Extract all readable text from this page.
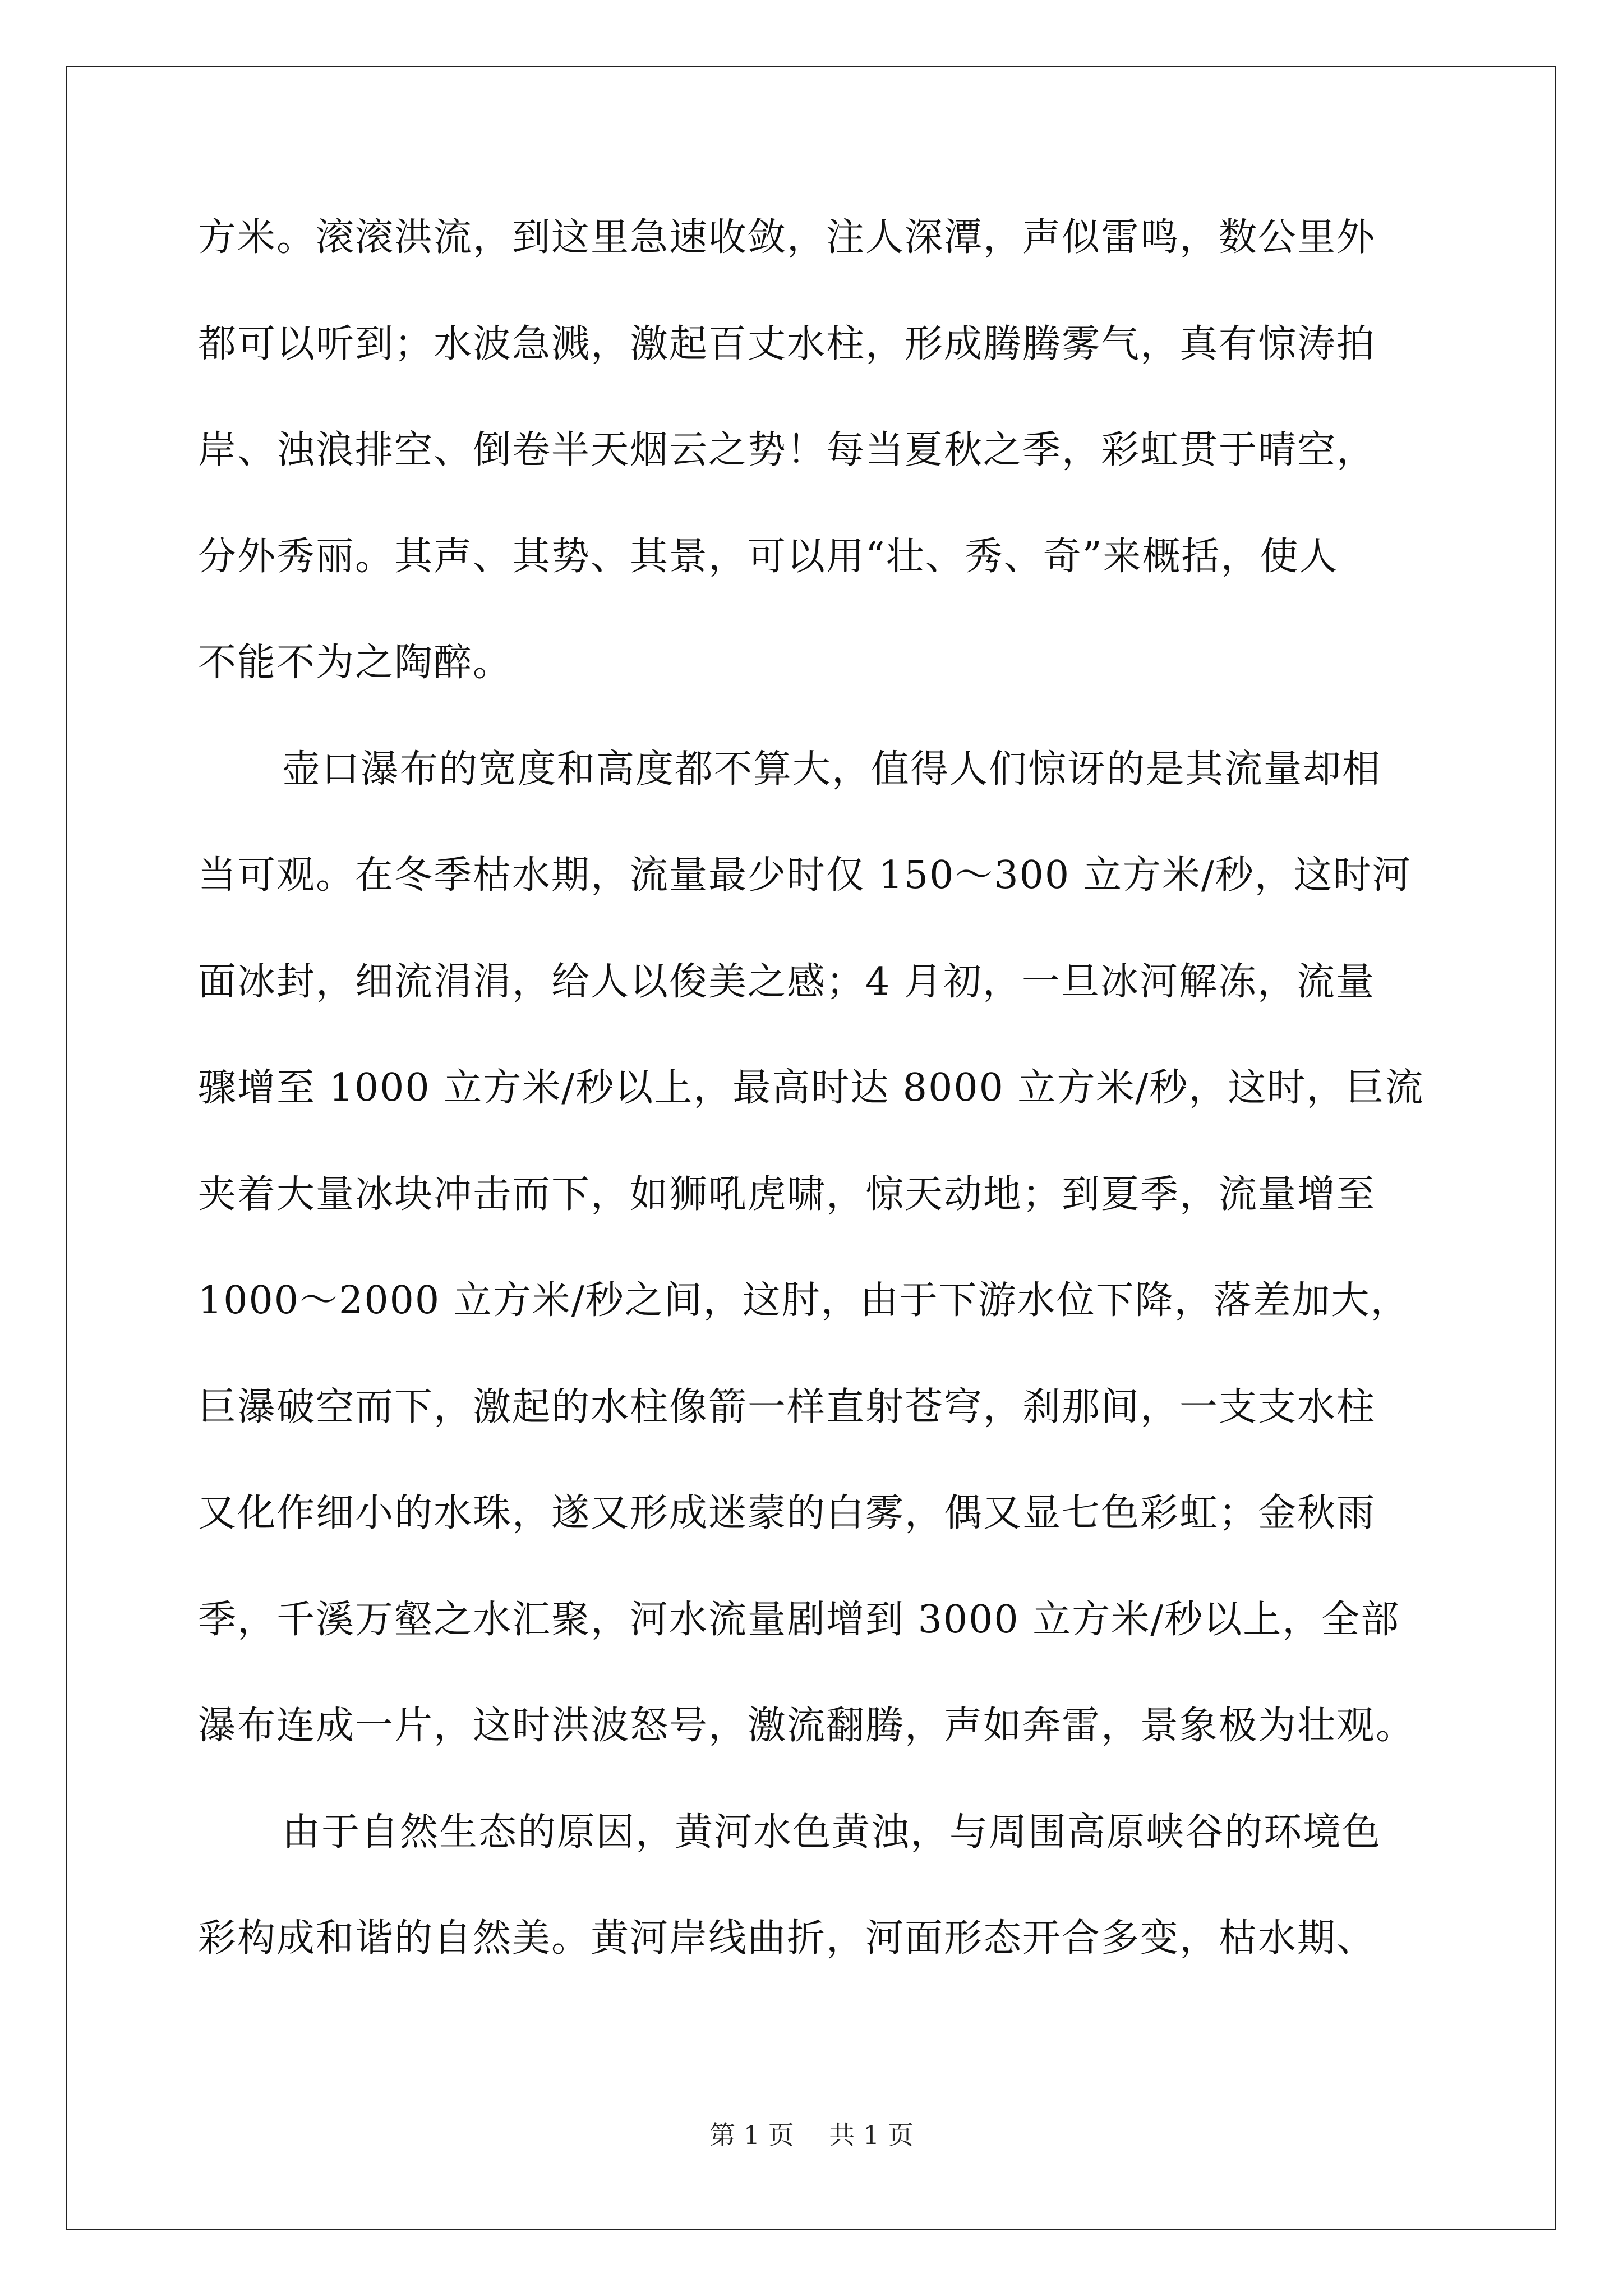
方米。滚滚洪流，到这里急速收敛，注人深潭，声似雷鸣，数公里外
都可以听到；水波急溅，激起百丈水柱，形成腾腾雾气，真有惊涛拍
岸、浊浪排空、倒卷半天烟云之势！每当夏秋之季，彩虹贯于晴空，
分外秀丽。其声、其势、其景，可以用“壮、秀、奇”来概括，使人
不能不为之陶醉。
壶口瀑布的宽度和高度都不算大，值得人们惊讶的是其流量却相
当可观。在冬季枯水期，流量最少时仅 150～300 立方米/秒，这时河
面冰封，细流涓涓，给人以俊美之感；4 月初，一旦冰河解冻，流量
骤增至 1000 立方米/秒以上，最高时达 8000 立方米/秒，这时，巨流
夹着大量冰块冲击而下，如狮吼虎啸，惊天动地；到夏季，流量增至
1000～2000 立方米/秒之间，这肘，由于下游水位下降，落差加大，
巨瀑破空而下，激起的水柱像箭一样直射苍穹，刹那间，一支支水柱
又化作细小的水珠，遂又形成迷蒙的白雾，偶又显七色彩虹；金秋雨
季，千溪万壑之水汇聚，河水流量剧增到 3000 立方米/秒以上，全部
瀑布连成一片，这时洪波怒号，激流翻腾，声如奔雷，景象极为壮观。
由于自然生态的原因，黄河水色黄浊，与周围高原峡谷的环境色
彩构成和谐的自然美。黄河岸线曲折，河面形态开合多变，枯水期、
第 1 页 共 1 页
